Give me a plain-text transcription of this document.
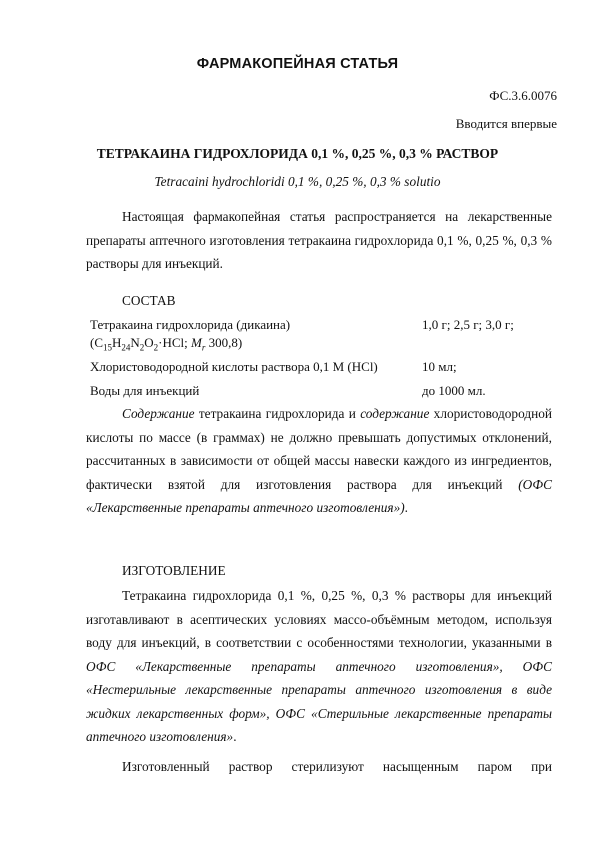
ФАРМАКОПЕЙНАЯ СТАТЬЯ
ФС.3.6.0076
Вводится впервые
ТЕТРАКАИНА ГИДРОХЛОРИДА 0,1 %, 0,25 %, 0,3 % РАСТВОР
Tetracaini hydrochloridi 0,1 %, 0,25 %, 0,3 % solutio
Настоящая фармакопейная статья распространяется на лекарственные препараты аптечного изготовления тетракаина гидрохлорида 0,1 %, 0,25 %, 0,3 % растворы для инъекций.
СОСТАВ
Тетракаина гидрохлорида (дикаина)
($C_{15}H_{24}N_2O_2\cdot HCl$; $M_r$ 300,8)
1,0 г; 2,5 г; 3,0 г;
Хлористоводородной кислоты раствора 0,1 М (HCl)	10 мл;
Воды для инъекций	до 1000 мл.
Содержание тетракаина гидрохлорида и содержание хлористоводородной кислоты по массе (в граммах) не должно превышать допустимых отклонений, рассчитанных в зависимости от общей массы навески каждого из ингредиентов, фактически взятой для изготовления раствора для инъекций (ОФС «Лекарственные препараты аптечного изготовления»).
ИЗГОТОВЛЕНИЕ
Тетракаина гидрохлорида 0,1 %, 0,25 %, 0,3 % растворы для инъекций изготавливают в асептических условиях массо-объёмным методом, используя воду для инъекций, в соответствии с особенностями технологии, указанными в ОФС «Лекарственные препараты аптечного изготовления», ОФС «Нестерильные лекарственные препараты аптечного изготовления в виде жидких лекарственных форм», ОФС «Стерильные лекарственные препараты аптечного изготовления».
Изготовленный раствор стерилизуют насыщенным паром при
